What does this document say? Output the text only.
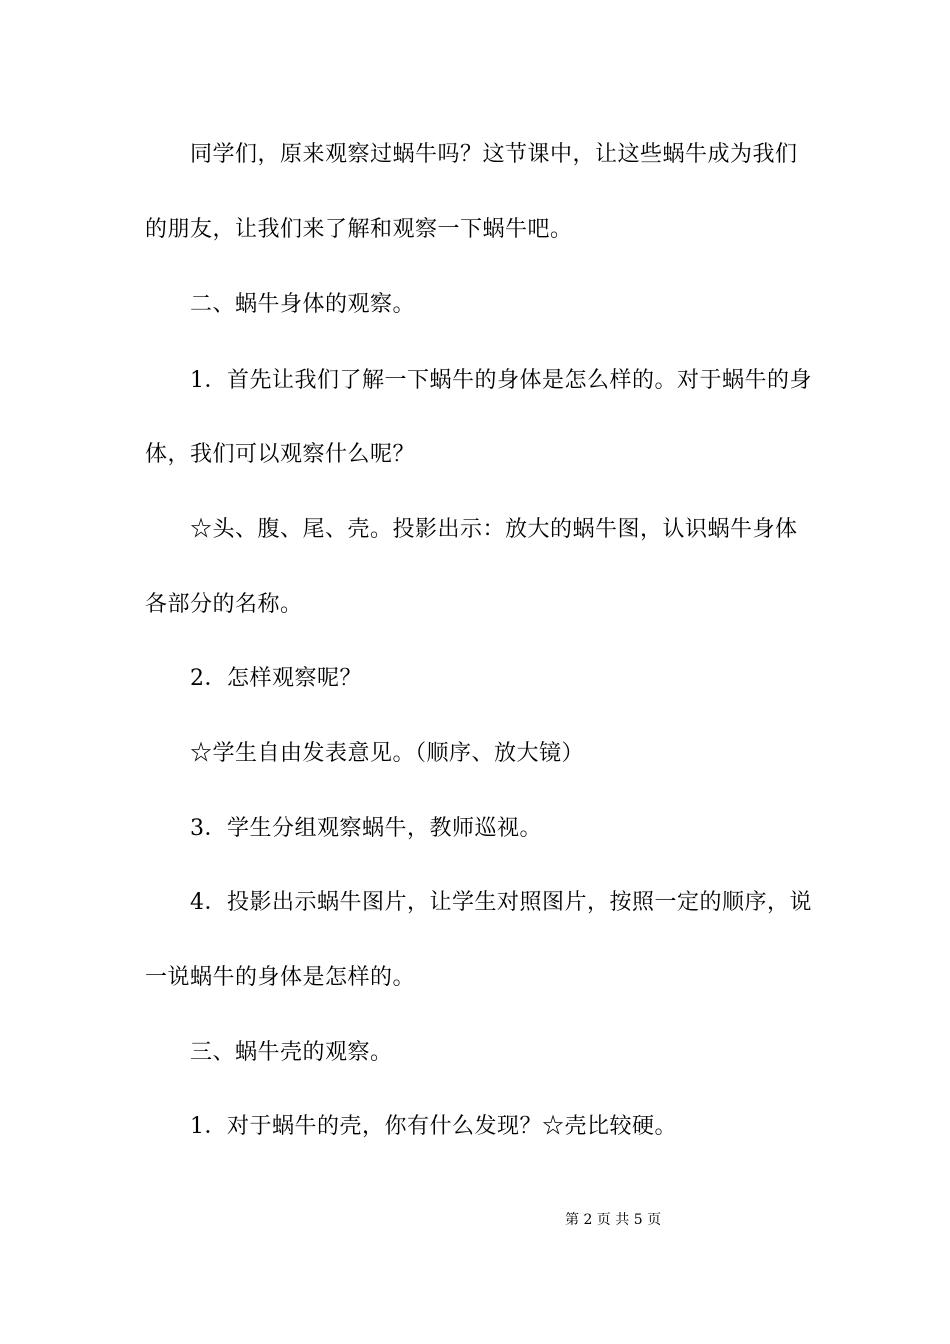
同学们，原来观察过蜗牛吗？这节课中，让这些蜗牛成为我们
的朋友，让我们来了解和观察一下蜗牛吧。
二、蜗牛身体的观察。
1．首先让我们了解一下蜗牛的身体是怎么样的。对于蜗牛的身
体，我们可以观察什么呢？
☆头、腹、尾、壳。投影出示：放大的蜗牛图，认识蜗牛身体
各部分的名称。
2．怎样观察呢？
☆学生自由发表意见。（顺序、放大镜）
3．学生分组观察蜗牛，教师巡视。
4．投影出示蜗牛图片，让学生对照图片，按照一定的顺序，说
一说蜗牛的身体是怎样的。
三、蜗牛壳的观察。
1．对于蜗牛的壳，你有什么发现？☆壳比较硬。
第 2 页 共 5 页
